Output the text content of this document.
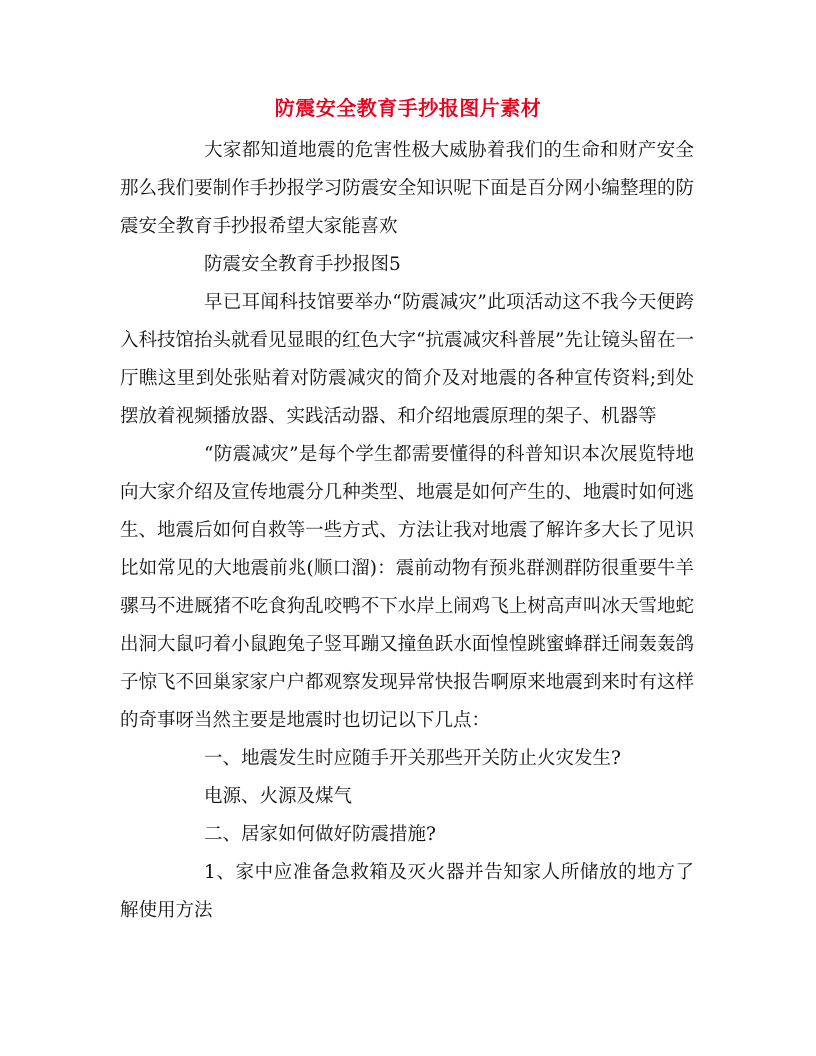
防震安全教育手抄报图片素材

大家都知道地震的危害性极大威胁着我们的生命和财产安全那么我们要制作手抄报学习防震安全知识呢下面是百分网小编整理的防震安全教育手抄报希望大家能喜欢

防震安全教育手抄报图5

早已耳闻科技馆要举办“防震减灾”此项活动这不我今天便跨入科技馆抬头就看见显眼的红色大字“抗震减灾科普展”先让镜头留在一厅瞧这里到处张贴着对防震减灾的简介及对地震的各种宣传资料;到处摆放着视频播放器、实践活动器、和介绍地震原理的架子、机器等

“防震减灾”是每个学生都需要懂得的科普知识本次展览特地向大家介绍及宣传地震分几种类型、地震是如何产生的、地震时如何逃生、地震后如何自救等一些方式、方法让我对地震了解许多大长了见识比如常见的大地震前兆(顺口溜)：震前动物有预兆群测群防很重要牛羊骡马不进厩猪不吃食狗乱咬鸭不下水岸上闹鸡飞上树高声叫冰天雪地蛇出洞大鼠叼着小鼠跑兔子竖耳蹦又撞鱼跃水面惶惶跳蜜蜂群迁闹轰轰鸽子惊飞不回巢家家户户都观察发现异常快报告啊原来地震到来时有这样的奇事呀当然主要是地震时也切记以下几点：

一、地震发生时应随手开关那些开关防止火灾发生?

电源、火源及煤气

二、居家如何做好防震措施?

1、家中应准备急救箱及灭火器并告知家人所储放的地方了解使用方法
